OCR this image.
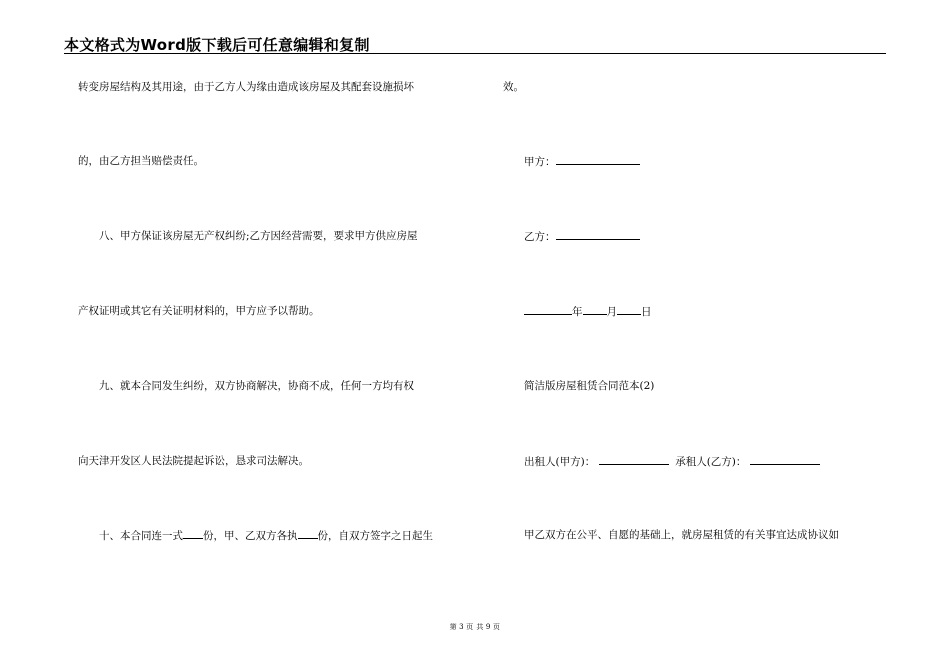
本文格式为Word版下载后可任意编辑和复制
转变房屋结构及其用途，由于乙方人为缘由造成该房屋及其配套设施损坏
的，由乙方担当赔偿责任。
八、甲方保证该房屋无产权纠纷;乙方因经营需要，要求甲方供应房屋
产权证明或其它有关证明材料的，甲方应予以帮助。
九、就本合同发生纠纷，双方协商解决，协商不成，任何一方均有权
向天津开发区人民法院提起诉讼，恳求司法解决。
十、本合同连一式 份，甲、乙双方各执 份，自双方签字之日起生
效。
甲方：
乙方：
年 月 日
简洁版房屋租赁合同范本(2)
出租人(甲方)：	承租人(乙方)：
甲乙双方在公平、自愿的基础上，就房屋租赁的有关事宜达成协议如
第 3 页 共 9 页
